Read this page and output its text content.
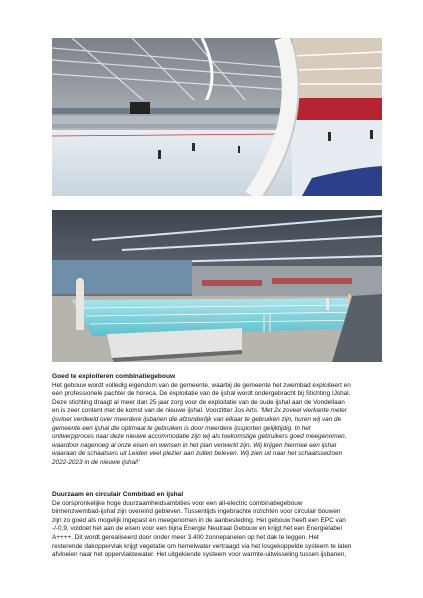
Goed te exploiteren combinatiegebouw

Het gebouw wordt volledig eigendom van de gemeente, waarbij de gemeente het zwembad exploiteert en

een professionele pachter de horeca. De exploitatie van de ijshal wordt ondergebracht bij Stichting IJshal.

Deze stichting draagt al meer dan 25 jaar zorg voor de exploitatie van de oude ijshal aan de Vondellaan

en is zeer content met de komst van de nieuwe ijshal. Voorzitter Jos Arts: 'Met 2x zoveel vierkante meter

ijsvloer verdeeld over meerdere ijsbanen die afzonderlijk van elkaar te gebruiken zijn, huren wij van de

gemeente een ijshal die optimaal te gebruiken is door meerdere ijssporten gelijktijdig. In het

ontwerpproces naar deze nieuwe accommodatie zijn wij als toekomstige gebruikers goed meegenomen,

waardoor nagenoeg al onze eisen en wensen in het plan verwerkt zijn. Wij krijgen hiermee een ijshal

waaraan de schaatsers uit Leiden veel plezier aan zullen beleven. Wij zien uit naar het schaatsseizoen

2022-2023 in de nieuwe ijshal!'

Duurzaam en circulair Combibad en ijshal

De oorspronkelijke hoge duurzaamheidsambities voor een all-electric combinatiegebouw

binnenzwembad-ijshal zijn overeind gebleven. Tussentijds ingebrachte inzichten voor circulair bouwen

zijn zo goed als mogelijk ingepast en meegenomen in de aanbesteding. Het gebouw heeft een EPC van

-/-0,9, voldoet het aan de eisen voor een bijna Energie Neutraal Gebouw en krijgt het een Energielabel

A++++. Dit wordt gerealiseerd door onder meer 3.400 zonnepanelen op het dak te leggen. Het

resterende dakoppervlak krijgt vegetatie om hemelwater vertraagd via het losgekoppelde systeem te laten

afvloeien naar het oppervlaktewater. Het uitgekiende systeem voor warmte-uitwisseling tussen ijsbanen,
